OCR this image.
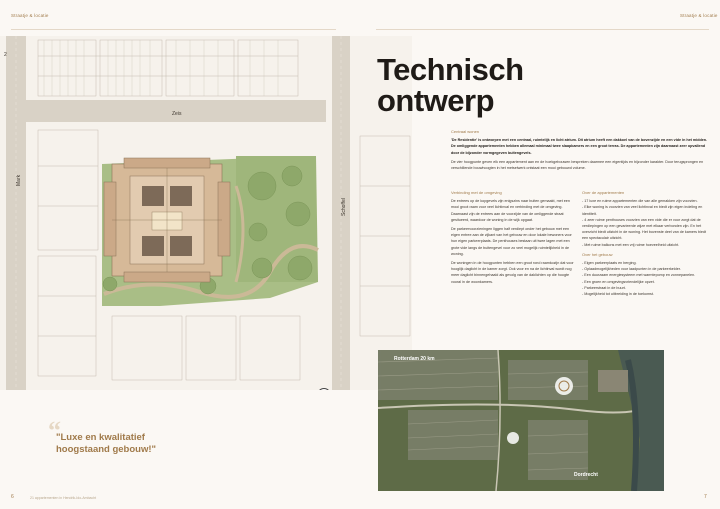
Straatje & locatie	Straatje & locatie
Zeis
Mark
Schoffel
2	Technisch
ontwerp
Centraal wonen

'De Residentie' is ontworpen met een centraal, ruimtelijk en licht atrium. Dit atrium heeft een dakkoel van de bovenzijde en een vide in het midden. De omliggende appartementen hebben allemaal minimaal twee slaapkamers en een groot terras. De appartementen zijn daarnaast zeer opvallend door de bijzonder vormgegeven buitengevels.

De vier hoogpunte geven elk een appartement aan en de hoekgebouwen bespreken daarmee een eigentijds en bijzonder karakter. Door terugsprongen en verschillende bouwhoogten in het metselwerk ontstaat een mooi gebouwd volume.

Verbinding met de omgeving

De entrees op de kopgevels zijn enigszins naar buiten gemaakt, met een mooi groot raam voor veel lichtinval en verbinding met de omgeving. Daarnaast zijn de entrees aan de voorzijde van de omliggende straat gesitueerd, waardoor de woning in de wijk opgaat.

De parkeervoorzieningen liggen half verdiept onder het gebouw met een eigen entree aan de zijkant van het gebouw en door lokale bewoners voor hun eigen parkeerplaats. De penthouses bestaan uit twee lagen met een grote vide langs de buitengevel voor zo veel mogelijk ruimtelijkheid in de woning.

De woningen in de hoogpunten hebben een groot rond raamkozijn dat voor hooglijk daglicht in de kamer zorgt. Ook voor en na de lichtinval wordt nog meer daglicht binnengehaald als gevolg van de daklichten op die hoogte vooral in de woonkamers.

Over de appartementen
- 17 luxe en ruime appartementen die van alle gemakken zijn voorzien.
- Elke woning is voorzien van veel lichtinval en biedt zijn eigen indeling en identiteit.
- 4 zeer ruime penthouses voorzien van een vide die er voor zorgt dat de verdiepingen op een gevarieerde wijze met elkaar verbonden zijn. En het overzicht biedt uitzicht in de woning. Het bovenste deel van de kamers biedt een spectaculair uitzicht.
- Met ruime balkons met een vrij ruime hoeveelheid uitzicht.
Over het gebouw
- Eigen parkeerplaats en berging.
- Oplaadmogelijkheden voor laadpunten in de parkeerkelder.
- Een duurzaam energiesysteem met warmtepomp en zonnepanelen.
- Een groen en omgevingsvriendelijke opzet.
- Parkeerstraat in de buurt.
- Mogelijkheid tot uitbreiding in de toekomst.
“
"Luxe en kwalitatief
hoogstaand gebouw!"
Rotterdam 20 km
Dordrecht
6	21 appartementen in Hendrik-Ido-Ambacht	7
